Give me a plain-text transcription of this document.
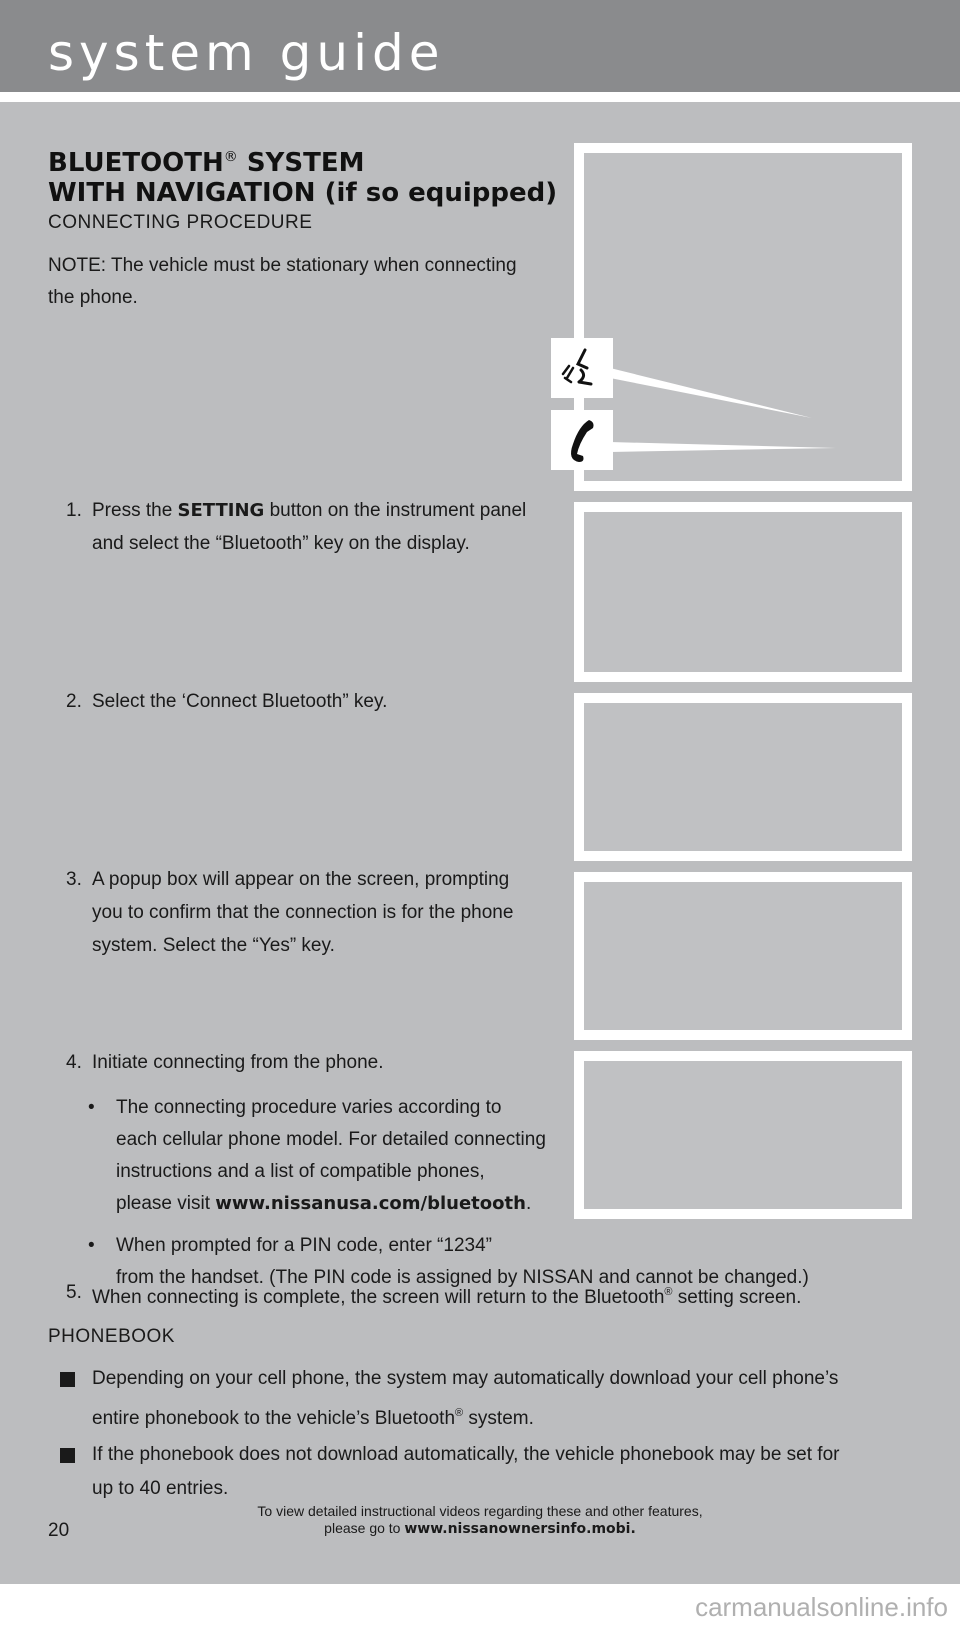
system guide
BLUETOOTH® SYSTEM
WITH NAVIGATION (if so equipped)
CONNECTING PROCEDURE
NOTE: The vehicle must be stationary when connecting
the phone.
1. Press the SETTING button on the instrument panel
and select the “Bluetooth” key on the display.
2. Select the ‘Connect Bluetooth” key.
3. A popup box will appear on the screen, prompting
you to confirm that the connection is for the phone
system. Select the “Yes” key.
4. Initiate connecting from the phone.
• The connecting procedure varies according to
each cellular phone model. For detailed connecting
instructions and a list of compatible phones,
please visit www.nissanusa.com/bluetooth.
• When prompted for a PIN code, enter “1234”
from the handset. (The PIN code is assigned by NISSAN and cannot be changed.)
5. When connecting is complete, the screen will return to the Bluetooth® setting screen.
PHONEBOOK
Depending on your cell phone, the system may automatically download your cell phone’s
entire phonebook to the vehicle’s Bluetooth® system.
If the phonebook does not download automatically, the vehicle phonebook may be set for
up to 40 entries.
20
To view detailed instructional videos regarding these and other features,
please go to www.nissanownersinfo.mobi.
carmanualsonline.info
